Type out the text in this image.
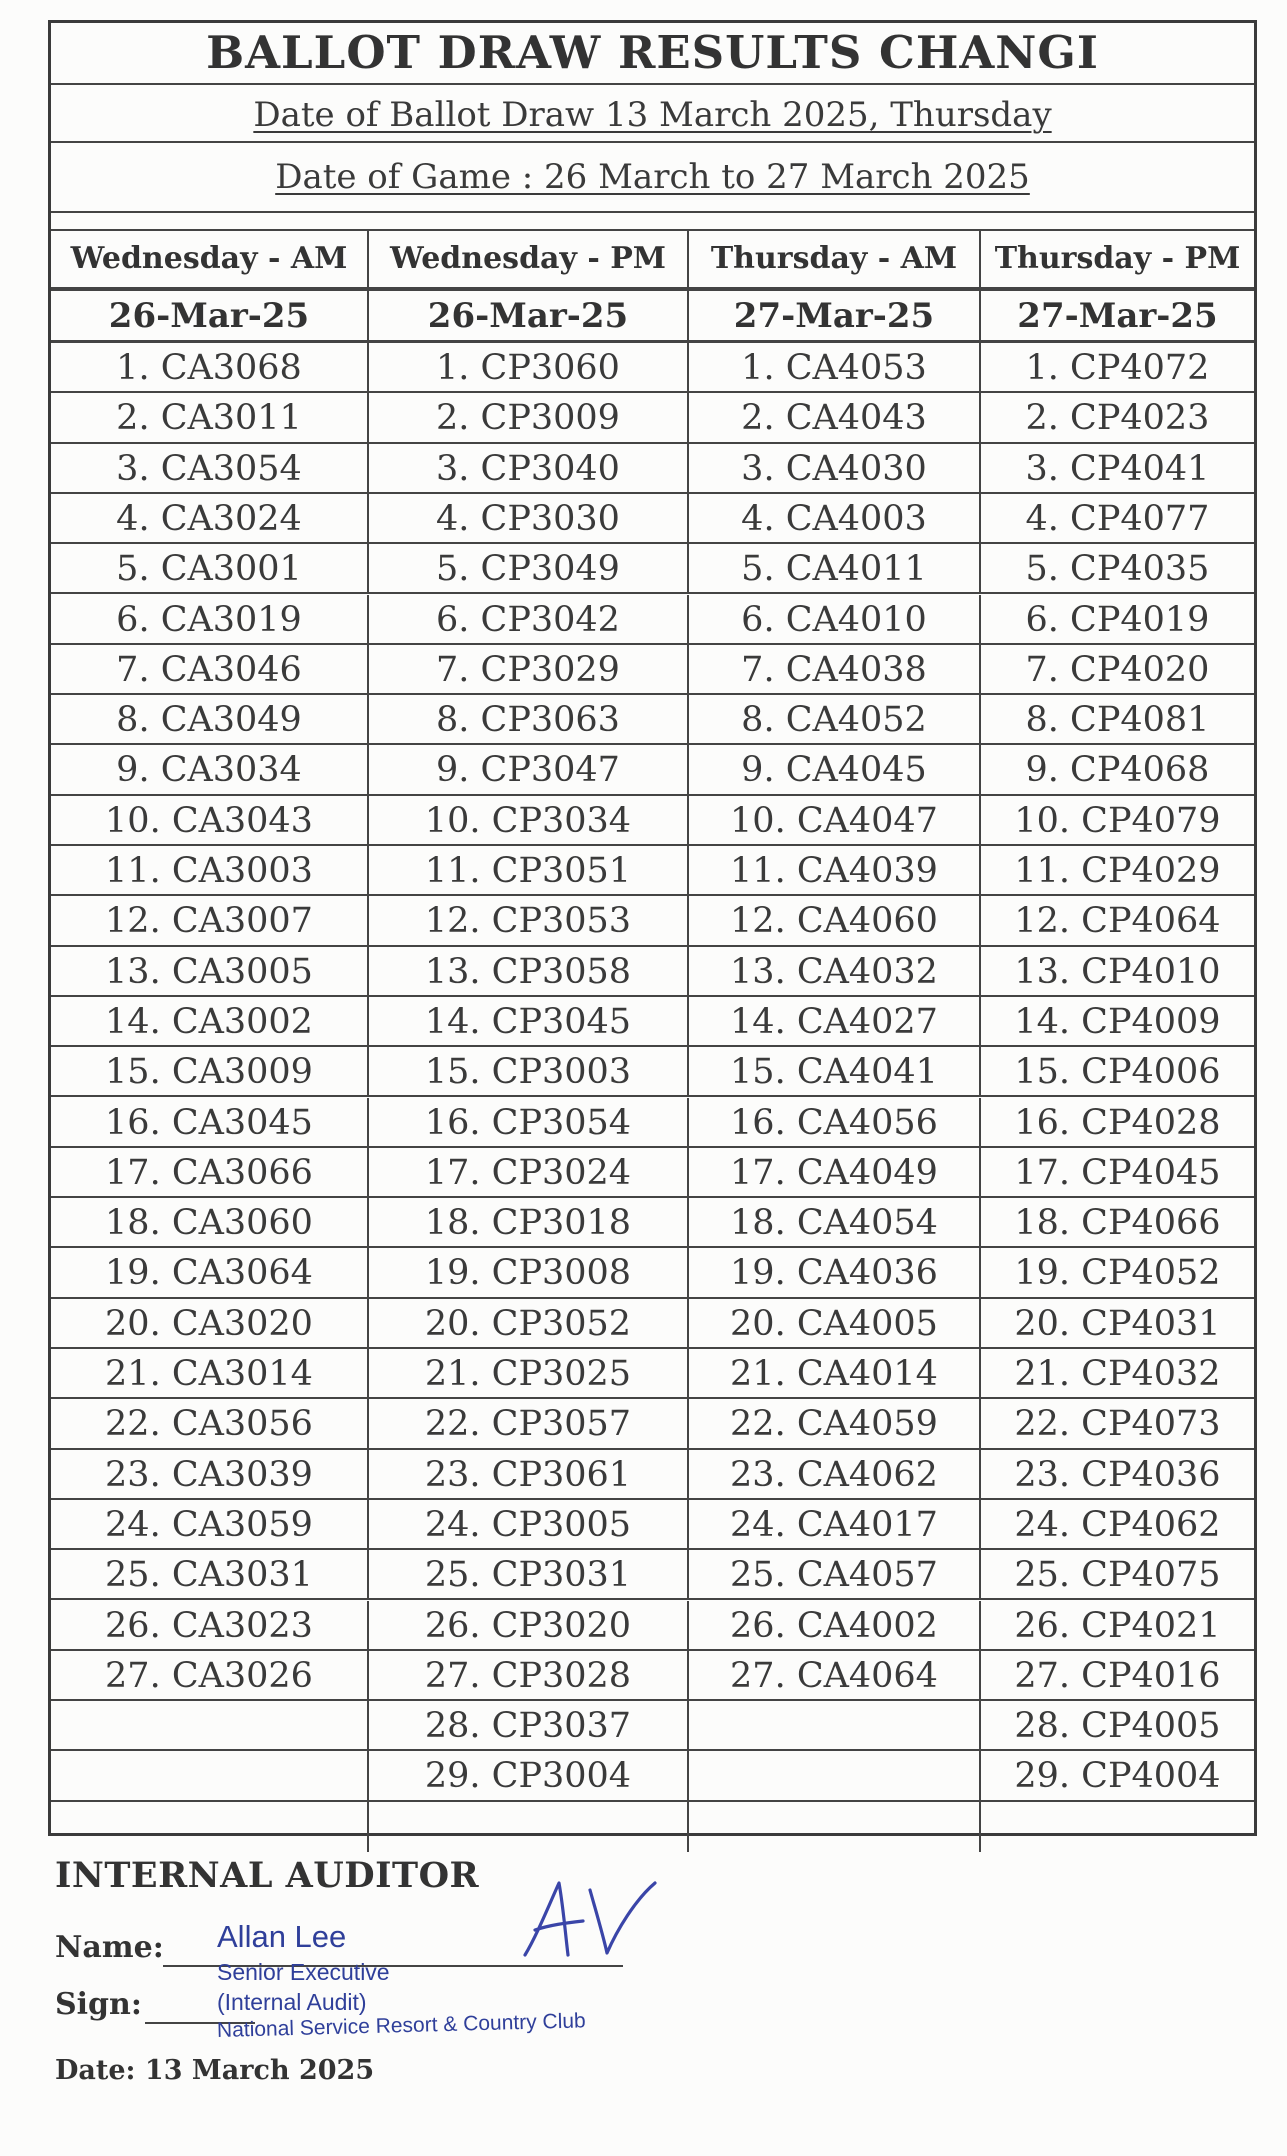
BALLOT DRAW RESULTS CHANGI
Date of Ballot Draw 13 March 2025, Thursday
Date of Game : 26 March to 27 March 2025
Wednesday - AM
26-Mar-25
1. CA3068
2. CA3011
3. CA3054
4. CA3024
5. CA3001
6. CA3019
7. CA3046
8. CA3049
9. CA3034
10. CA3043
11. CA3003
12. CA3007
13. CA3005
14. CA3002
15. CA3009
16. CA3045
17. CA3066
18. CA3060
19. CA3064
20. CA3020
21. CA3014
22. CA3056
23. CA3039
24. CA3059
25. CA3031
26. CA3023
27. CA3026
Wednesday - PM
26-Mar-25
1. CP3060
2. CP3009
3. CP3040
4. CP3030
5. CP3049
6. CP3042
7. CP3029
8. CP3063
9. CP3047
10. CP3034
11. CP3051
12. CP3053
13. CP3058
14. CP3045
15. CP3003
16. CP3054
17. CP3024
18. CP3018
19. CP3008
20. CP3052
21. CP3025
22. CP3057
23. CP3061
24. CP3005
25. CP3031
26. CP3020
27. CP3028
28. CP3037
29. CP3004
Thursday - AM
27-Mar-25
1. CA4053
2. CA4043
3. CA4030
4. CA4003
5. CA4011
6. CA4010
7. CA4038
8. CA4052
9. CA4045
10. CA4047
11. CA4039
12. CA4060
13. CA4032
14. CA4027
15. CA4041
16. CA4056
17. CA4049
18. CA4054
19. CA4036
20. CA4005
21. CA4014
22. CA4059
23. CA4062
24. CA4017
25. CA4057
26. CA4002
27. CA4064
Thursday - PM
27-Mar-25
1. CP4072
2. CP4023
3. CP4041
4. CP4077
5. CP4035
6. CP4019
7. CP4020
8. CP4081
9. CP4068
10. CP4079
11. CP4029
12. CP4064
13. CP4010
14. CP4009
15. CP4006
16. CP4028
17. CP4045
18. CP4066
19. CP4052
20. CP4031
21. CP4032
22. CP4073
23. CP4036
24. CP4062
25. CP4075
26. CP4021
27. CP4016
28. CP4005
29. CP4004
INTERNAL AUDITOR
Name:
Sign:
Allan Lee
Senior Executive
(Internal Audit)
National Service Resort & Country Club
Date: 13 March 2025
